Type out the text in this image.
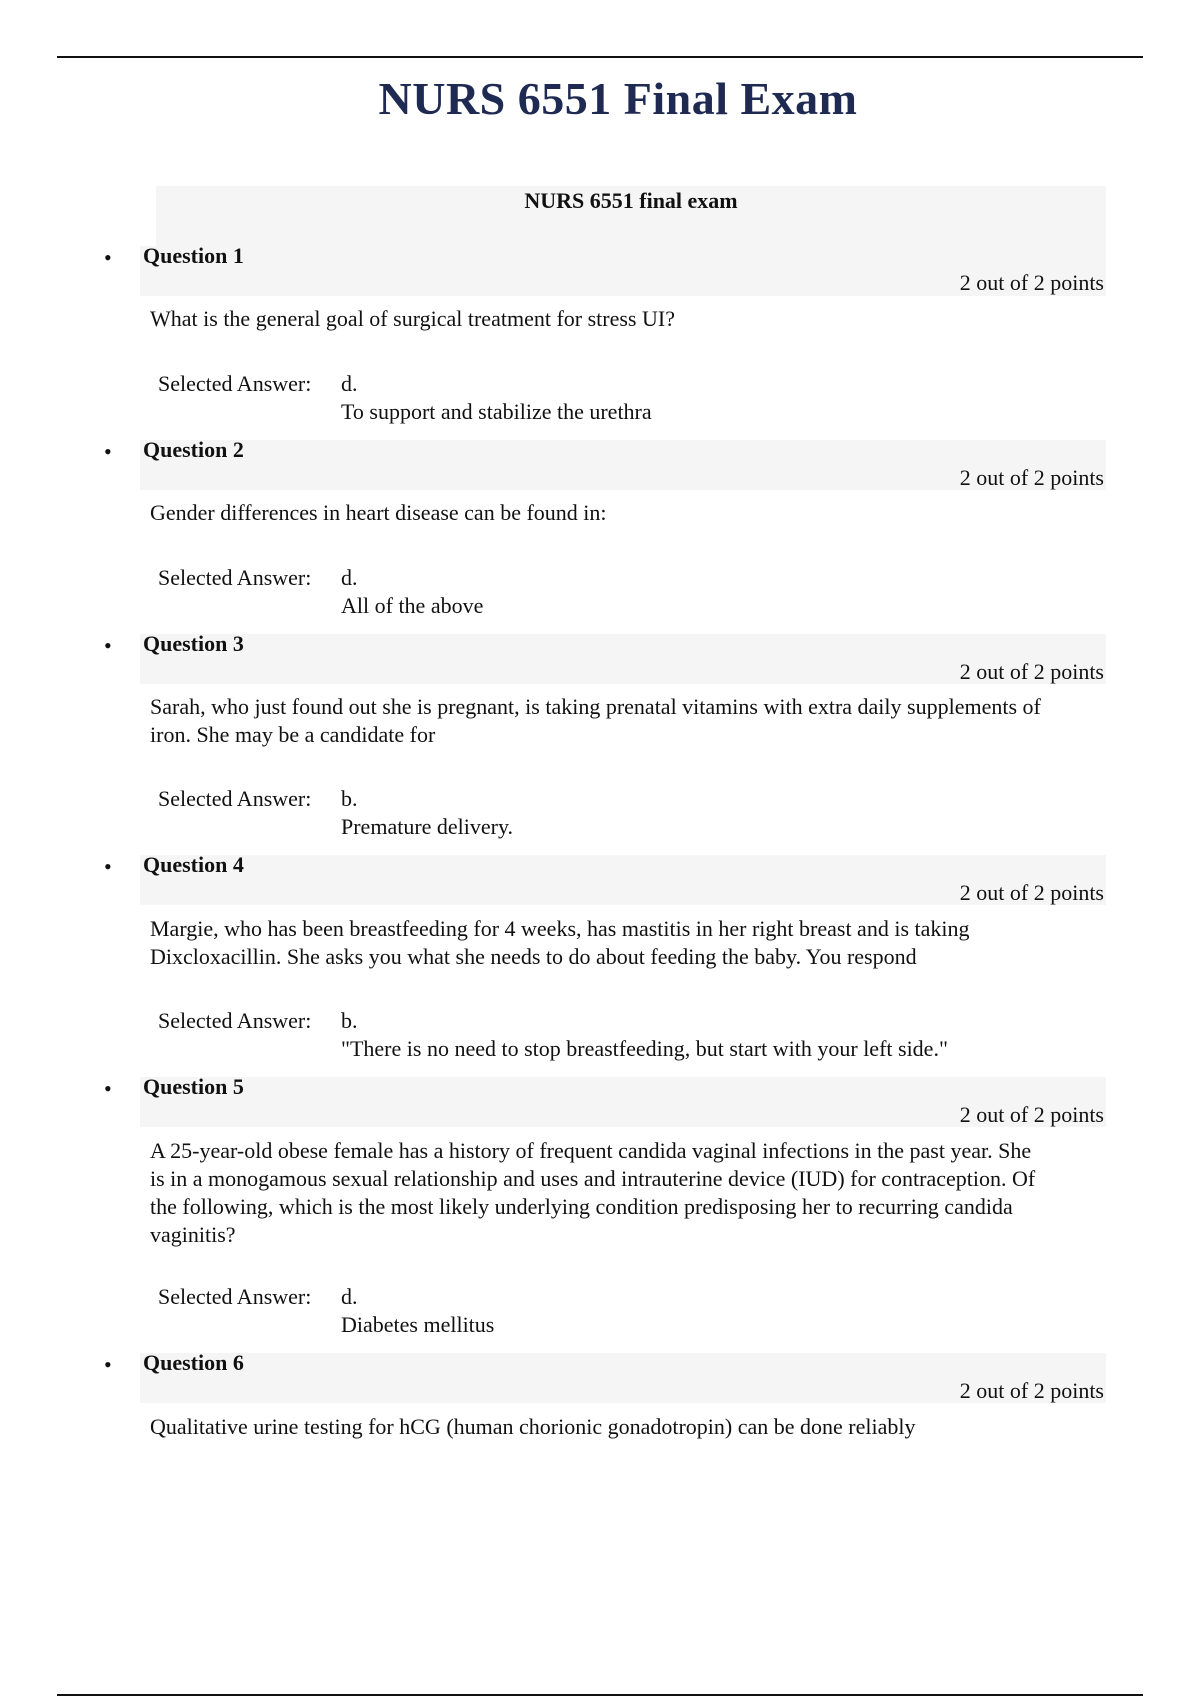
NURS 6551 Final Exam
NURS 6551 final exam
• Question 1
2 out of 2 points
What is the general goal of surgical treatment for stress UI?
Selected Answer: d.
To support and stabilize the urethra
• Question 2
2 out of 2 points
Gender differences in heart disease can be found in:
Selected Answer: d.
All of the above
• Question 3
2 out of 2 points
Sarah, who just found out she is pregnant, is taking prenatal vitamins with extra daily supplements of iron. She may be a candidate for
Selected Answer: b.
Premature delivery.
• Question 4
2 out of 2 points
Margie, who has been breastfeeding for 4 weeks, has mastitis in her right breast and is taking Dixcloxacillin. She asks you what she needs to do about feeding the baby. You respond
Selected Answer: b.
"There is no need to stop breastfeeding, but start with your left side."
• Question 5
2 out of 2 points
A 25-year-old obese female has a history of frequent candida vaginal infections in the past year. She is in a monogamous sexual relationship and uses and intrauterine device (IUD) for contraception. Of the following, which is the most likely underlying condition predisposing her to recurring candida vaginitis?
Selected Answer: d.
Diabetes mellitus
• Question 6
2 out of 2 points
Qualitative urine testing for hCG (human chorionic gonadotropin) can be done reliably
